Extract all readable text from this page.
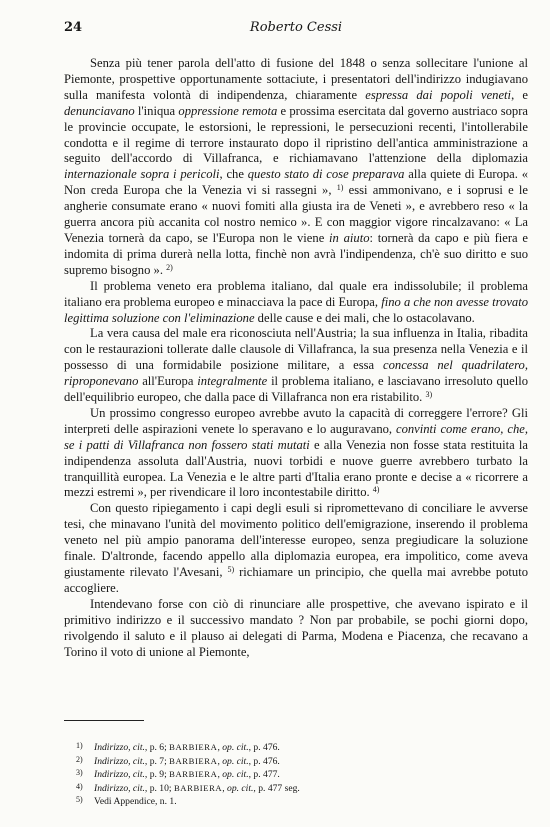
24	Roberto Cessi

Senza più tener parola dell'atto di fusione del 1848 o senza sollecitare l'unione al Piemonte, prospettive opportunamente sottaciute, i presentatori dell'indirizzo indugiavano sulla manifesta volontà di indipendenza, chiaramente espressa dai popoli veneti, e denunciavano l'iniqua oppressione remota e prossima esercitata dal governo austriaco sopra le provincie occupate, le estorsioni, le repressioni, le persecuzioni recenti, l'intollerabile condotta e il regime di terrore instaurato dopo il ripristino dell'antica amministrazione a seguito dell'accordo di Villafranca, e richiamavano l'attenzione della diplomazia internazionale sopra i pericoli, che questo stato di cose preparava alla quiete di Europa. « Non creda Europa che la Venezia vi si rassegni », $^{1)}$ essi ammonivano, e i soprusi e le angherie consumate erano « nuovi fomiti alla giusta ira de Veneti », e avrebbero reso « la guerra ancora più accanita col nostro nemico ». E con maggior vigore rincalzavano: « La Venezia tornerà da capo, se l'Europa non le viene in aiuto: tornerà da capo e più fiera e indomita di prima durerà nella lotta, finchè non avrà l'indipendenza, ch'è suo diritto e suo supremo bisogno ». $^{2)}$

Il problema veneto era problema italiano, dal quale era indissolubile; il problema italiano era problema europeo e minacciava la pace di Europa, fino a che non avesse trovato legittima soluzione con l'eliminazione delle cause e dei mali, che lo ostacolavano.

La vera causa del male era riconosciuta nell'Austria; la sua influenza in Italia, ribadita con le restaurazioni tollerate dalle clausole di Villafranca, la sua presenza nella Venezia e il possesso di una formidabile posizione militare, a essa concessa nel quadrilatero, riproponevano all'Europa integralmente il problema italiano, e lasciavano irresoluto quello dell'equilibrio europeo, che dalla pace di Villafranca non era ristabilito. $^{3)}$

Un prossimo congresso europeo avrebbe avuto la capacità di correggere l'errore? Gli interpreti delle aspirazioni venete lo speravano e lo auguravano, convinti come erano, che, se i patti di Villafranca non fossero stati mutati e alla Venezia non fosse stata restituita la indipendenza assoluta dall'Austria, nuovi torbidi e nuove guerre avrebbero turbato la tranquillità europea. La Venezia e le altre parti d'Italia erano pronte e decise a « ricorrere a mezzi estremi », per rivendicare il loro incontestabile diritto. $^{4)}$

Con questo ripiegamento i capi degli esuli si ripromettevano di conciliare le avverse tesi, che minavano l'unità del movimento politico dell'emigrazione, inserendo il problema veneto nel più ampio panorama dell'interesse europeo, senza pregiudicare la soluzione finale. D'altronde, facendo appello alla diplomazia europea, era impolitico, come aveva giustamente rilevato l'Avesani, $^{5)}$ richiamare un principio, che quella mai avrebbe potuto accogliere.

Intendevano forse con ciò di rinunciare alle prospettive, che avevano ispirato e il primitivo indirizzo e il successivo mandato ? Non par probabile, se pochi giorni dopo, rivolgendo il saluto e il plauso ai delegati di Parma, Modena e Piacenza, che recavano a Torino il voto di unione al Piemonte,

1) Indirizzo, cit., p. 6; BARBIERA, op. cit., p. 476.
2) Indirizzo, cit., p. 7; BARBIERA, op. cit., p. 476.
3) Indirizzo, cit., p. 9; BARBIERA, op. cit., p. 477.
4) Indirizzo, cit., p. 10; BARBIERA, op. cit., p. 477 seg.
5) Vedi Appendice, n. 1.
